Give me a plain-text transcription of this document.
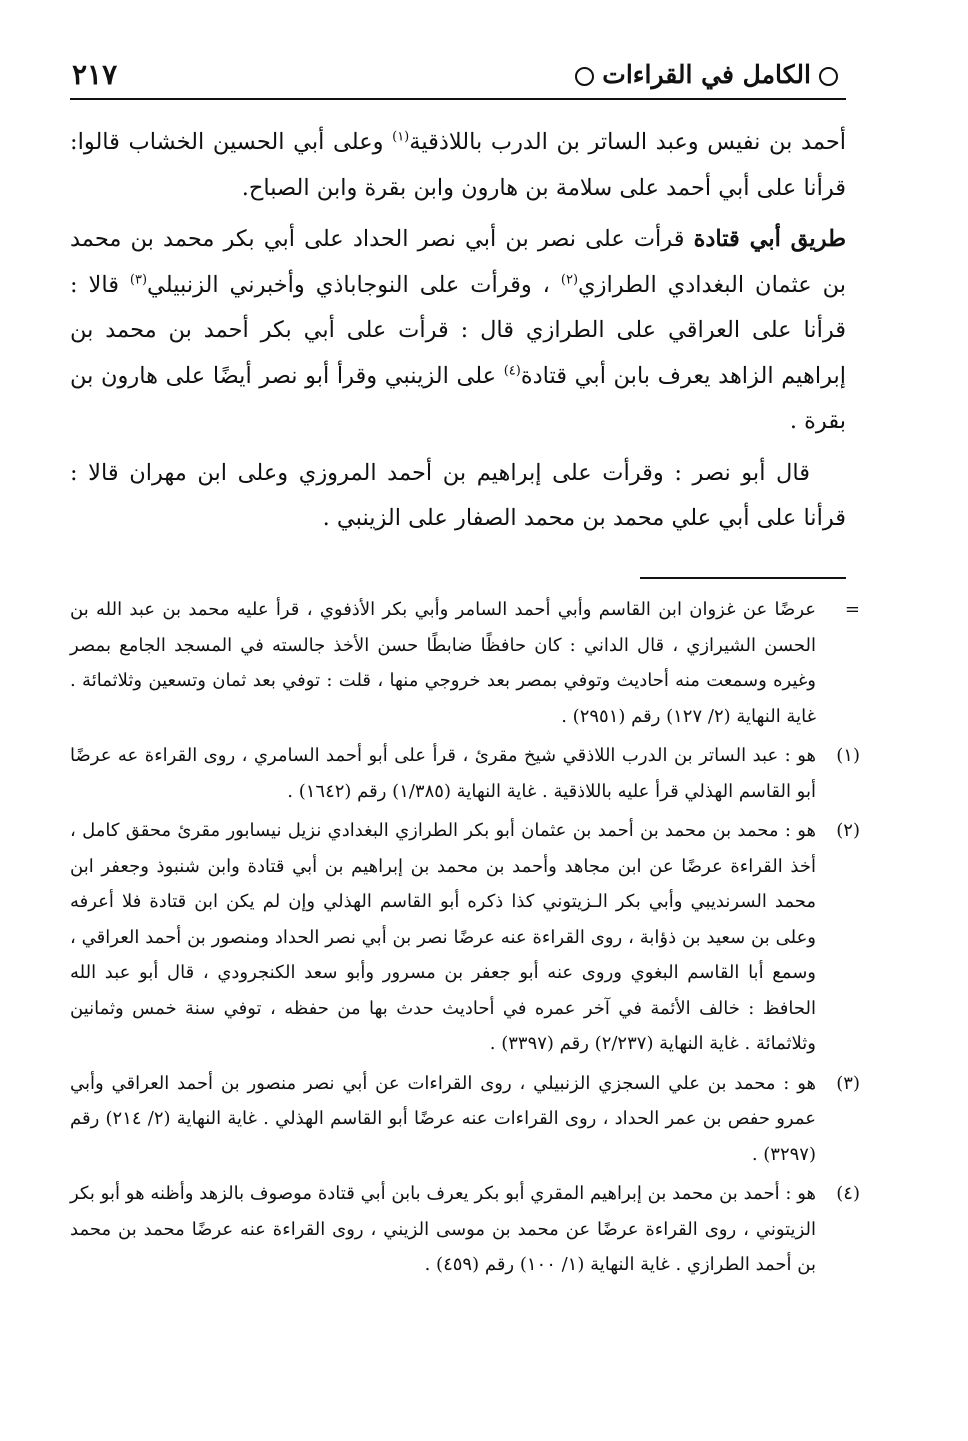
٢١٧	الكامل في القراءات

أحمد بن نفيس وعبد الساتر بن الدرب باللاذقية$^{(١)}$ وعلى أبي الحسين الخشاب قالوا: قرأنا على أبي أحمد على سلامة بن هارون وابن بقرة وابن الصباح.

طريق أبي قتادة قرأت على نصر بن أبي نصر الحداد على أبي بكر محمد بن محمد بن عثمان البغدادي الطرازي$^{(٢)}$ ، وقرأت على النوجاباذي وأخبرني الزنبيلي$^{(٣)}$ قالا : قرأنا على العراقي على الطرازي قال : قرأت على أبي بكر أحمد بن محمد بن إبراهيم الزاهد يعرف بابن أبي قتادة$^{(٤)}$ على الزينبي وقرأ أبو نصر أيضًا على هارون بن بقرة .

قال أبو نصر : وقرأت على إبراهيم بن أحمد المروزي وعلى ابن مهران قالا : قرأنا على أبي علي محمد بن محمد الصفار على الزينبي .

=
عرضًا عن غزوان ابن القاسم وأبي أحمد السامر وأبي بكر الأذفوي ، قرأ عليه محمد بن عبد الله بن الحسن الشيرازي ، قال الداني : كان حافظًا ضابطًا حسن الأخذ جالسته في المسجد الجامع بمصر وغيره وسمعت منه أحاديث وتوفي بمصر بعد خروجي منها ، قلت : توفي بعد ثمان وتسعين وثلاثمائة . غاية النهاية (٢/ ١٢٧) رقم (٢٩٥١) .
(١)
هو : عبد الساتر بن الدرب اللاذقي شيخ مقرئ ، قرأ على أبو أحمد السامري ، روى القراءة عه عرضًا أبو القاسم الهذلي قرأ عليه باللاذقية . غاية النهاية (١/٣٨٥) رقم (١٦٤٢) .
(٢)
هو : محمد بن محمد بن أحمد بن عثمان أبو بكر الطرازي البغدادي نزيل نيسابور مقرئ محقق كامل ، أخذ القراءة عرضًا عن ابن مجاهد وأحمد بن محمد بن إبراهيم بن أبي قتادة وابن شنبوذ وجعفر ابن محمد السرنديبي وأبي بكر الـزيتوني كذا ذكره أبو القاسم الهذلي وإن لم يكن ابن قتادة فلا أعرفه وعلى بن سعيد بن ذؤابة ، روى القراءة عنه عرضًا نصر بن أبي نصر الحداد ومنصور بن أحمد العراقي ، وسمع أبا القاسم البغوي وروى عنه أبو جعفر بن مسرور وأبو سعد الكنجرودي ، قال أبو عبد الله الحافظ : خالف الأئمة في آخر عمره في أحاديث حدث بها من حفظه ، توفي سنة خمس وثمانين وثلاثمائة . غاية النهاية (٢/٢٣٧) رقم (٣٣٩٧) .
(٣)
هو : محمد بن علي السجزي الزنبيلي ، روى القراءات عن أبي نصر منصور بن أحمد العراقي وأبي عمرو حفص بن عمر الحداد ، روى القراءات عنه عرضًا أبو القاسم الهذلي . غاية النهاية (٢/ ٢١٤) رقم (٣٢٩٧) .
(٤)
هو : أحمد بن محمد بن إبراهيم المقري أبو بكر يعرف بابن أبي قتادة موصوف بالزهد وأظنه هو أبو بكر الزيتوني ، روى القراءة عرضًا عن محمد بن موسى الزيني ، روى القراءة عنه عرضًا محمد بن محمد بن أحمد الطرازي . غاية النهاية (١/ ١٠٠) رقم (٤٥٩) .
